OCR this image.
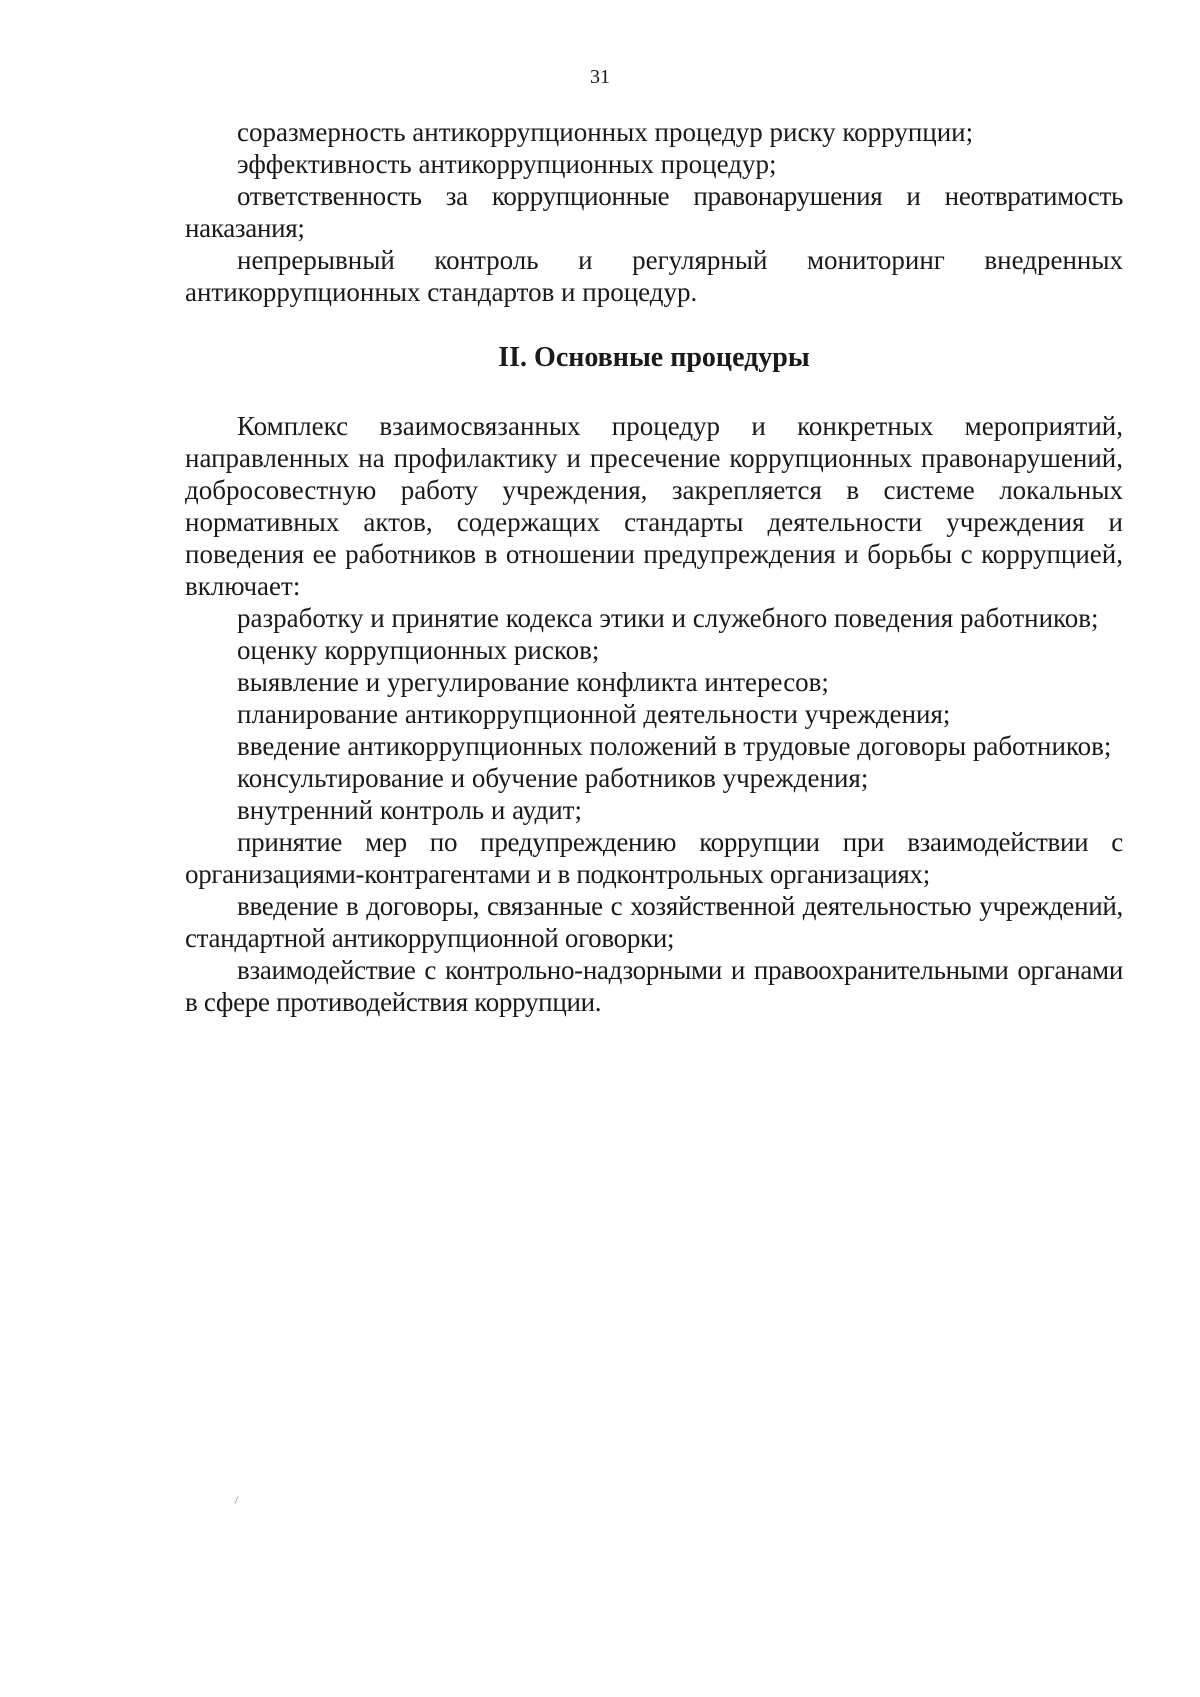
31

соразмерность антикоррупционных процедур риску коррупции;

эффективность антикоррупционных процедур;

ответственность за коррупционные правонарушения и неотвратимость наказания;

непрерывный контроль и регулярный мониторинг внедренных антикоррупционных стандартов и процедур.

II. Основные процедуры

Комплекс взаимосвязанных процедур и конкретных мероприятий, направленных на профилактику и пресечение коррупционных правонарушений, добросовестную работу учреждения, закрепляется в системе локальных нормативных актов, содержащих стандарты деятельности учреждения и поведения ее работников в отношении предупреждения и борьбы с коррупцией, включает:

разработку и принятие кодекса этики и служебного поведения работников;

оценку коррупционных рисков;

выявление и урегулирование конфликта интересов;

планирование антикоррупционной деятельности учреждения;

введение антикоррупционных положений в трудовые договоры работников;

консультирование и обучение работников учреждения;

внутренний контроль и аудит;

принятие мер по предупреждению коррупции при взаимодействии с организациями-контрагентами и в подконтрольных организациях;

введение в договоры, связанные с хозяйственной деятельностью учреждений, стандартной антикоррупционной оговорки;

взаимодействие с контрольно-надзорными и правоохранительными органами в сфере противодействия коррупции.
